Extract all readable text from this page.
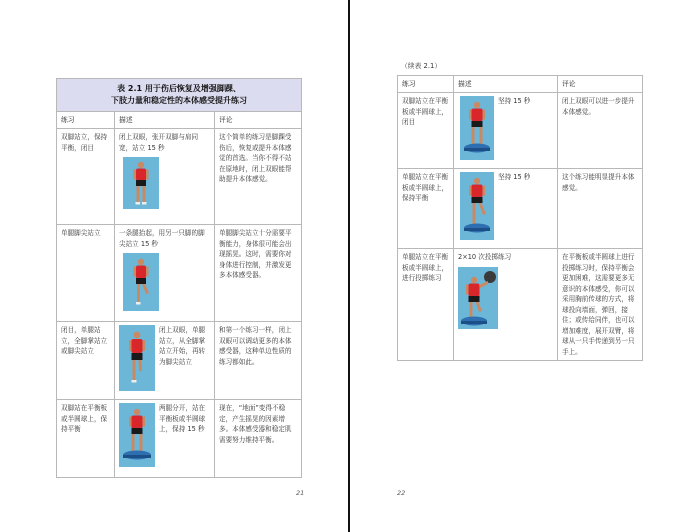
表 2.1 用于伤后恢复及增强脚踝、
下肢力量和稳定性的本体感受提升练习		

练习	描述	评论
双脚站立，保持平衡，闭目	闭上双眼，张开双脚与肩同宽，站立 15 秒	这个简单的练习是脚踝受伤后，恢复或提升本体感觉的首选。当你不得不站在原地时，闭上双眼能帮助提升本体感觉。
单腿脚尖站立	一条腿抬起，用另一只脚的脚尖站立 15 秒	单腿脚尖站立十分需要平衡能力，身体很可能会出现摇晃。这时，需要你对身体进行控制，并激发更多本体感受器。
闭目，单腿站立，全脚掌站立或脚尖站立	闭上双眼，单腿站立，从全脚掌站立开始，再转为脚尖站立	和第一个练习一样，闭上双眼可以调动更多的本体感受器，这种单边性质的练习都如此。
双脚站在平衡板或半圆球上，保持平衡	两腿分开，站在平衡板或半圆球上，保持 15 秒	现在，“地面”变得不稳定，产生摇晃的因素增多。本体感受器和稳定肌需要努力维持平衡。
21
（续表 2.1）
练习	描述	评论
双脚站立在平衡板或半圆球上，闭目	坚持 15 秒	闭上双眼可以进一步提升本体感觉。
单腿站立在平衡板或半圆球上，保持平衡	坚持 15 秒	这个练习能明显提升本体感觉。
单腿站立在平衡板或半圆球上，进行投掷练习	2×10 次投掷练习	在平衡板或半圆球上进行投掷练习时，保持平衡会更加困难，这需要更多无意识的本体感受，你可以采用胸前传球的方式，将球投向墙面，弹回，接住；或传给同伴，也可以增加难度，展开双臂，将球从一只手传递到另一只手上。
22
